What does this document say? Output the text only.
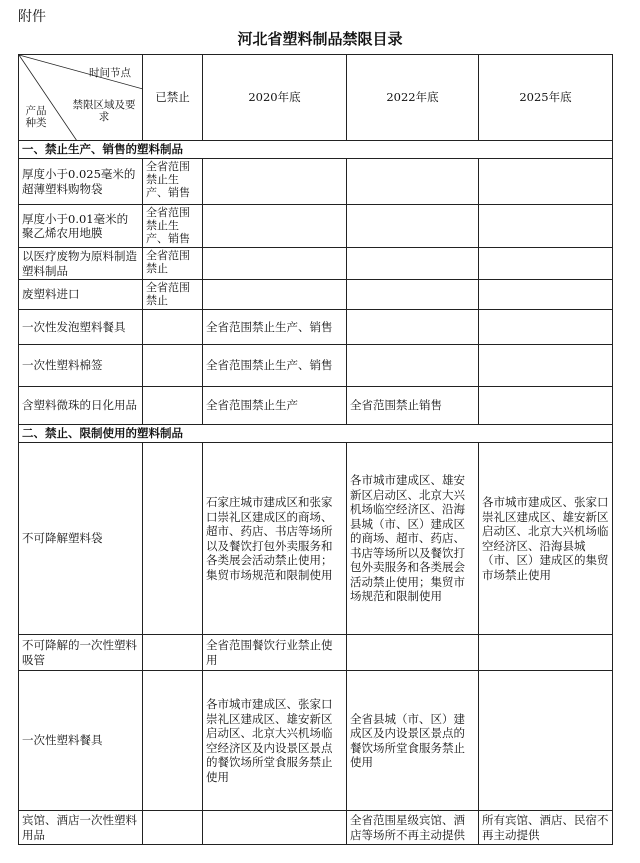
附件
河北省塑料制品禁限目录
时间节点
禁限区域及要求
产品种类	已禁止	2020年底	2022年底	2025年底
一、禁止生产、销售的塑料制品				
厚度小于0.025毫米的超薄塑料购物袋	全省范围禁止生产、销售			
厚度小于0.01毫米的聚乙烯农用地膜	全省范围禁止生产、销售			
以医疗废物为原料制造塑料制品	全省范围禁止			
废塑料进口	全省范围禁止			
一次性发泡塑料餐具		全省范围禁止生产、销售		
一次性塑料棉签		全省范围禁止生产、销售		
含塑料微珠的日化用品		全省范围禁止生产	全省范围禁止销售	
二、禁止、限制使用的塑料制品				
不可降解塑料袋		石家庄城市建成区和张家口崇礼区建成区的商场、超市、药店、书店等场所以及餐饮打包外卖服务和各类展会活动禁止使用；集贸市场规范和限制使用	各市城市建成区、雄安新区启动区、北京大兴机场临空经济区、沿海县城（市、区）建成区的商场、超市、药店、书店等场所以及餐饮打包外卖服务和各类展会活动禁止使用；集贸市场规范和限制使用	各市城市建成区、张家口崇礼区建成区、雄安新区启动区、北京大兴机场临空经济区、沿海县城（市、区）建成区的集贸市场禁止使用
不可降解的一次性塑料吸管		全省范围餐饮行业禁止使用		
一次性塑料餐具		各市城市建成区、张家口崇礼区建成区、雄安新区启动区、北京大兴机场临空经济区及内设景区景点的餐饮场所堂食服务禁止使用	全省县城（市、区）建成区及内设景区景点的餐饮场所堂食服务禁止使用	
宾馆、酒店一次性塑料用品			全省范围星级宾馆、酒店等场所不再主动提供	所有宾馆、酒店、民宿不再主动提供
